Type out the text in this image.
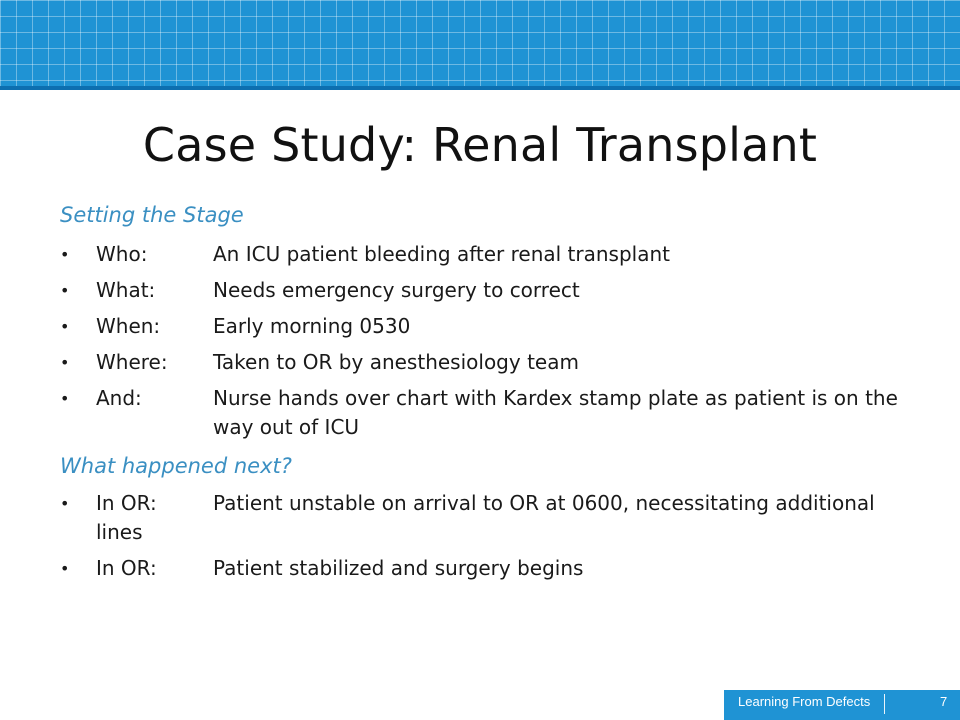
Case Study: Renal Transplant
Setting the Stage
•	Who:	An ICU patient bleeding after renal transplant
•	What:	Needs emergency surgery to correct
•	When:	Early morning 0530
•	Where:	Taken to OR by anesthesiology team
•	And:	Nurse hands over chart with Kardex stamp plate as patient is on the way out of ICU
What happened next?
•	In OR:	Patient unstable on arrival to OR at 0600, necessitating additional lines
•	In OR:	Patient stabilized and surgery begins
Learning From Defects	7
